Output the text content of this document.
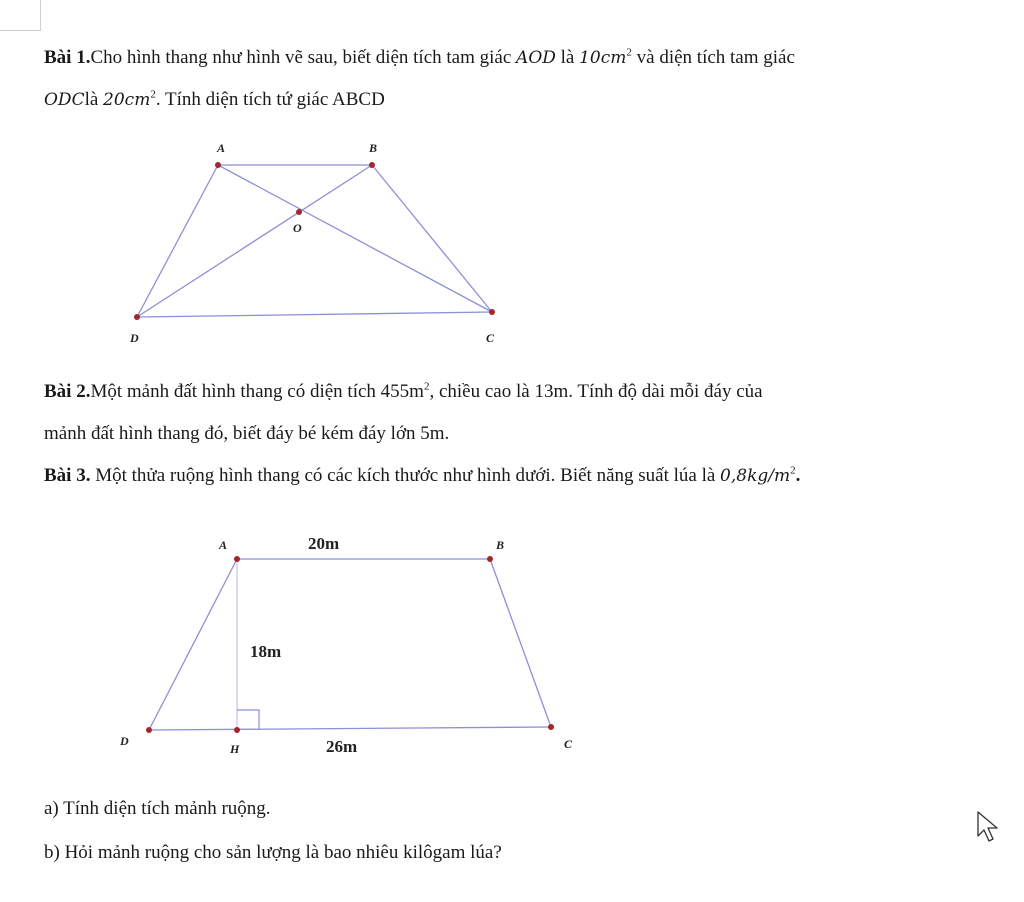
Bài 1.Cho hình thang như hình vẽ sau, biết diện tích tam giác AOD là $10cm^2$ và diện tích tam giác
ODClà $20cm^2$. Tính diện tích tứ giác ABCD
A	B
O
C
D
Bài 2.Một mảnh đất hình thang có diện tích $455m^2$, chiều cao là 13m. Tính độ dài mỗi đáy của
mảnh đất hình thang đó, biết đáy bé kém đáy lớn 5m.
Bài 3. Một thửa ruộng hình thang có các kích thước như hình dưới. Biết năng suất lúa là $0,8kg/m^2$.
A	B
C
D
H
20m
18m
26m
a) Tính diện tích mảnh ruộng.
b) Hỏi mảnh ruộng cho sản lượng là bao nhiêu kilôgam lúa?
